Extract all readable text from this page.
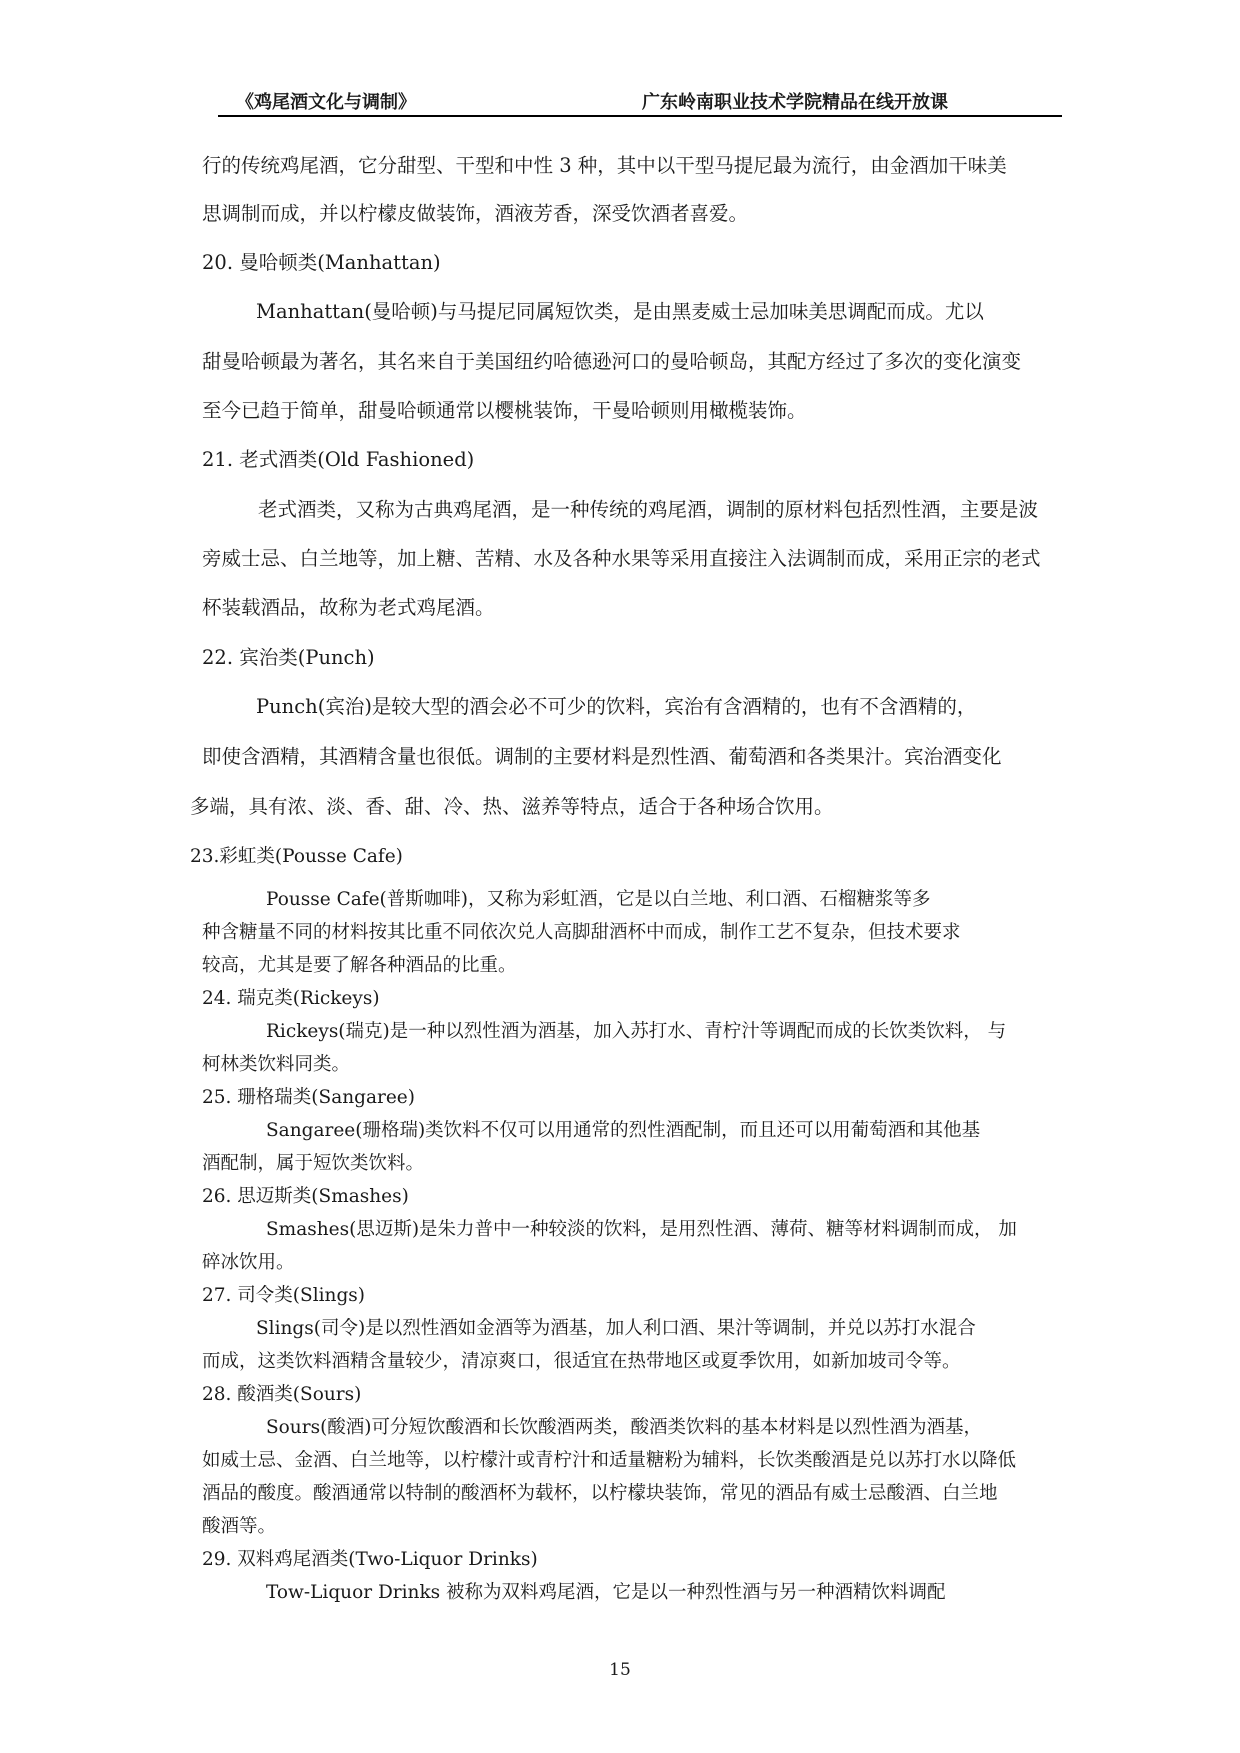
《鸡尾酒文化与调制》	广东岭南职业技术学院精品在线开放课
行的传统鸡尾酒，它分甜型、干型和中性 3 种，其中以干型马提尼最为流行，由金酒加干味美
思调制而成，并以柠檬皮做装饰，酒液芳香，深受饮酒者喜爱。
20. 曼哈顿类(Manhattan)
Manhattan(曼哈顿)与马提尼同属短饮类，是由黑麦威士忌加味美思调配而成。尤以
甜曼哈顿最为著名，其名来自于美国纽约哈德逊河口的曼哈顿岛，其配方经过了多次的变化演变
至今已趋于简单，甜曼哈顿通常以樱桃装饰，干曼哈顿则用橄榄装饰。
21. 老式酒类(Old Fashioned)
老式酒类，又称为古典鸡尾酒，是一种传统的鸡尾酒，调制的原材料包括烈性酒，主要是波
旁威士忌、白兰地等，加上糖、苦精、水及各种水果等采用直接注入法调制而成，采用正宗的老式
杯装载酒品，故称为老式鸡尾酒。
22. 宾治类(Punch)
Punch(宾治)是较大型的酒会必不可少的饮料，宾治有含酒精的，也有不含酒精的，
即使含酒精，其酒精含量也很低。调制的主要材料是烈性酒、葡萄酒和各类果汁。宾治酒变化
多端，具有浓、淡、香、甜、冷、热、滋养等特点，适合于各种场合饮用。
23.彩虹类(Pousse Cafe)
Pousse Cafe(普斯咖啡)，又称为彩虹酒，它是以白兰地、利口酒、石榴糖浆等多
种含糖量不同的材料按其比重不同依次兑人高脚甜酒杯中而成，制作工艺不复杂，但技术要求
较高，尤其是要了解各种酒品的比重。
24. 瑞克类(Rickeys)
Rickeys(瑞克)是一种以烈性酒为酒基，加入苏打水、青柠汁等调配而成的长饮类饮料， 与
柯林类饮料同类。
25. 珊格瑞类(Sangaree)
Sangaree(珊格瑞)类饮料不仅可以用通常的烈性酒配制，而且还可以用葡萄酒和其他基
酒配制，属于短饮类饮料。
26. 思迈斯类(Smashes)
Smashes(思迈斯)是朱力普中一种较淡的饮料，是用烈性酒、薄荷、糖等材料调制而成， 加
碎冰饮用。
27. 司令类(Slings)
Slings(司令)是以烈性酒如金酒等为酒基，加人利口酒、果汁等调制，并兑以苏打水混合
而成，这类饮料酒精含量较少，清凉爽口，很适宜在热带地区或夏季饮用，如新加坡司令等。
28. 酸酒类(Sours)
Sours(酸酒)可分短饮酸酒和长饮酸酒两类，酸酒类饮料的基本材料是以烈性酒为酒基，
如威士忌、金酒、白兰地等，以柠檬汁或青柠汁和适量糖粉为辅料，长饮类酸酒是兑以苏打水以降低
酒品的酸度。酸酒通常以特制的酸酒杯为载杯，以柠檬块装饰，常见的酒品有威士忌酸酒、白兰地
酸酒等。
29. 双料鸡尾酒类(Two-Liquor Drinks)
Tow-Liquor Drinks 被称为双料鸡尾酒，它是以一种烈性酒与另一种酒精饮料调配
15
